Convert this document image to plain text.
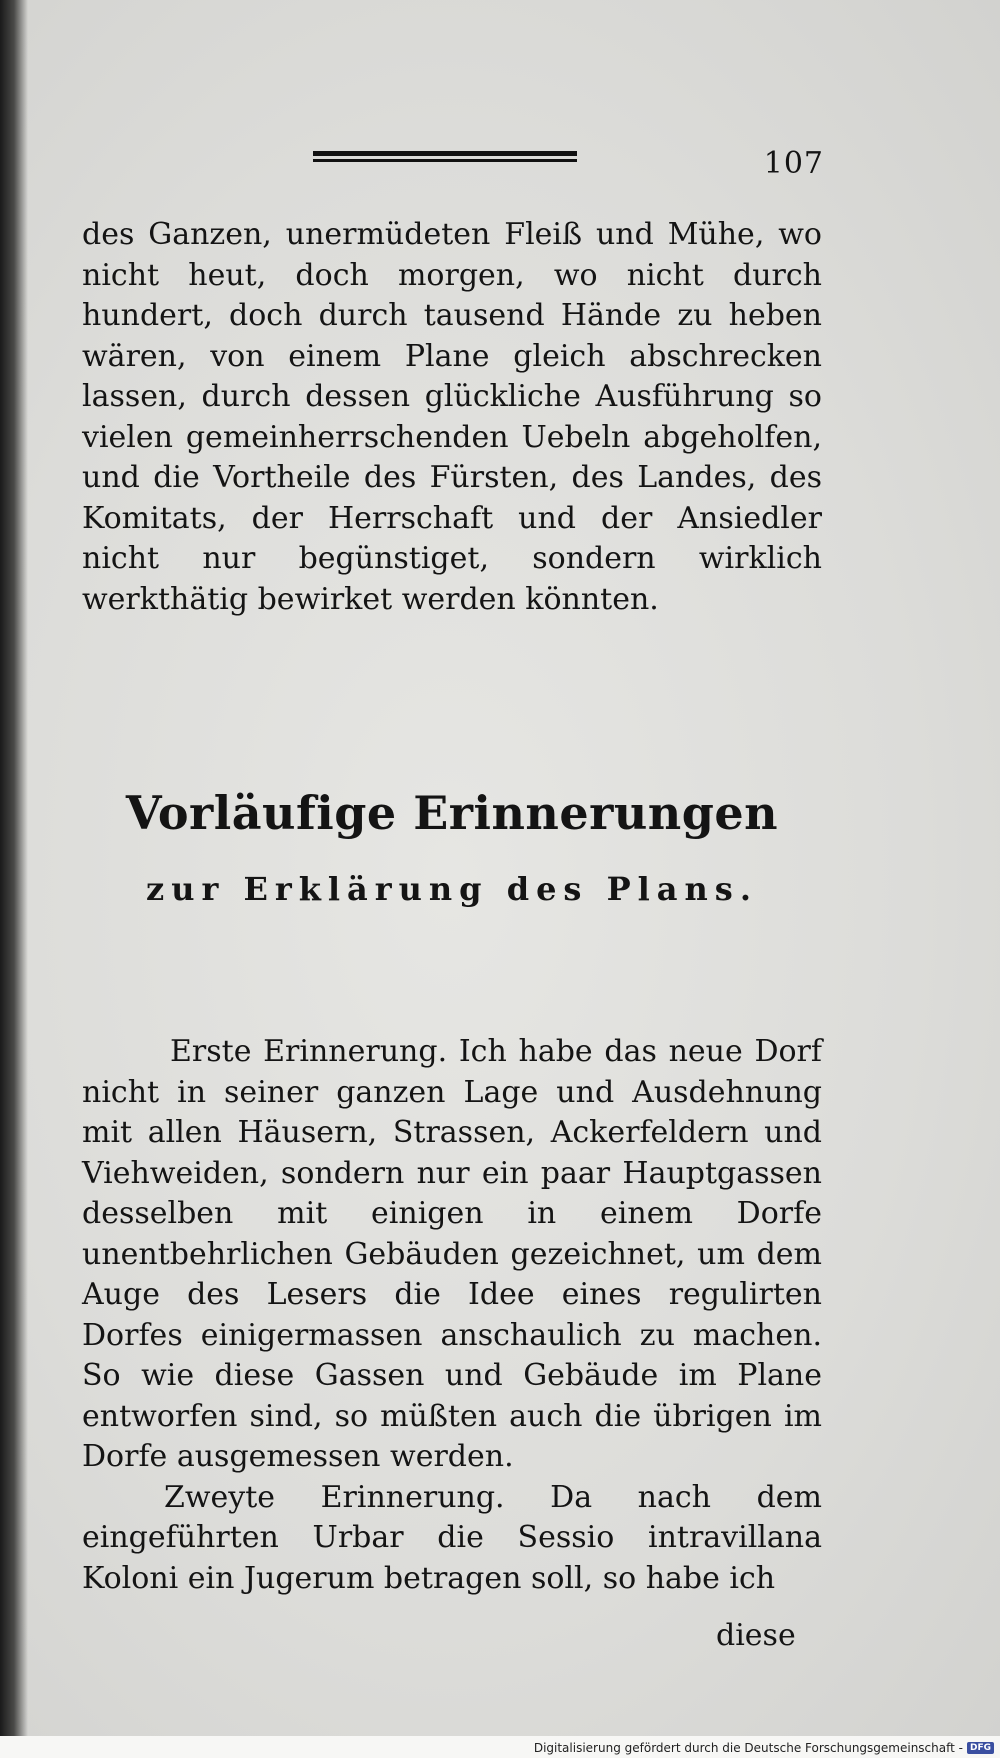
107

des Ganzen, unermüdeten Fleiß und Mühe, wo nicht heut, doch morgen, wo nicht durch hundert, doch durch tausend Hände zu heben wären, von einem Plane gleich abschrecken lassen, durch dessen glückliche Ausführung so vielen gemeinherrschenden Uebeln abgeholfen, und die Vortheile des Fürsten, des Landes, des Komitats, der Herrschaft und der Ansiedler nicht nur begünstiget, sondern wirklich werkthätig bewirket werden könnten.

Vorläufige Erinnerungen
zur Erklärung des Plans.

Erste Erinnerung. Ich habe das neue Dorf nicht in seiner ganzen Lage und Ausdehnung mit allen Häusern, Strassen, Ackerfeldern und Viehweiden, sondern nur ein paar Hauptgassen desselben mit einigen in einem Dorfe unentbehrlichen Gebäuden gezeichnet, um dem Auge des Lesers die Idee eines regulirten Dorfes einigermassen anschaulich zu machen. So wie diese Gassen und Gebäude im Plane entworfen sind, so müßten auch die übrigen im Dorfe ausgemessen werden.

Zweyte Erinnerung. Da nach dem eingeführten Urbar die Sessio intravillana Koloni ein Jugerum betragen soll, so habe ich

diese
Digitalisierung gefördert durch die Deutsche Forschungsgemeinschaft - DFG
